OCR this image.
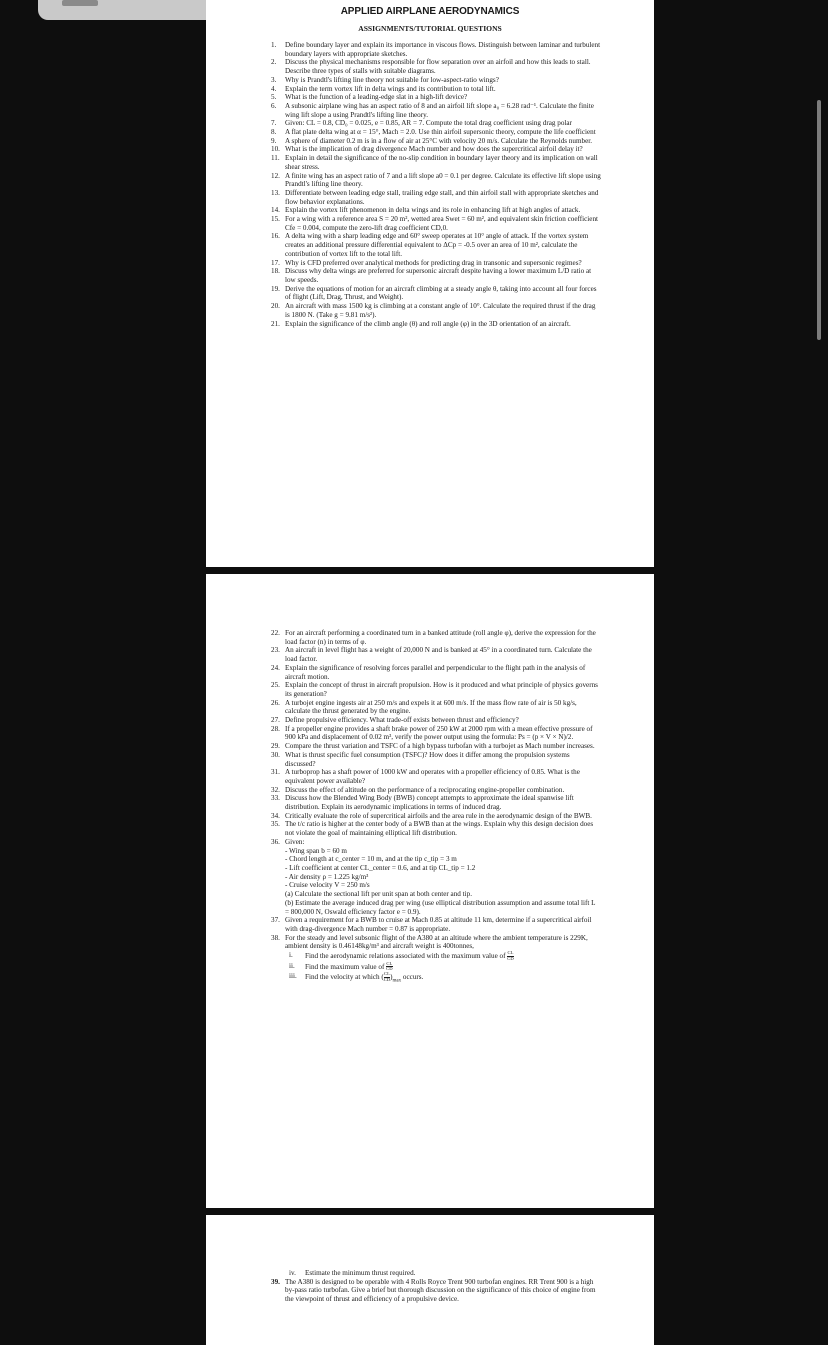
APPLIED AIRPLANE AERODYNAMICS
ASSIGNMENTS/TUTORIAL QUESTIONS
1. Define boundary layer and explain its importance in viscous flows. Distinguish between laminar and turbulent boundary layers with appropriate sketches.
2. Discuss the physical mechanisms responsible for flow separation over an airfoil and how this leads to stall. Describe three types of stalls with suitable diagrams.
3. Why is Prandtl's lifting line theory not suitable for low-aspect-ratio wings?
4. Explain the term vortex lift in delta wings and its contribution to total lift.
5. What is the function of a leading-edge slat in a high-lift device?
6. A subsonic airplane wing has an aspect ratio of 8 and an airfoil lift slope a₀ = 6.28 rad⁻¹. Calculate the finite wing lift slope a using Prandtl's lifting line theory.
7. Given: CL = 0.8, CD₀ = 0.025, e = 0.85, AR = 7. Compute the total drag coefficient using drag polar
8. A flat plate delta wing at α = 15°, Mach = 2.0. Use thin airfoil supersonic theory, compute the life coefficient
9. A sphere of diameter 0.2 m is in a flow of air at 25°C with velocity 20 m/s. Calculate the Reynolds number.
10. What is the implication of drag divergence Mach number and how does the supercritical airfoil delay it?
11. Explain in detail the significance of the no-slip condition in boundary layer theory and its implication on wall shear stress.
12. A finite wing has an aspect ratio of 7 and a lift slope a0 = 0.1 per degree. Calculate its effective lift slope using Prandtl's lifting line theory.
13. Differentiate between leading edge stall, trailing edge stall, and thin airfoil stall with appropriate sketches and flow behavior explanations.
14. Explain the vortex lift phenomenon in delta wings and its role in enhancing lift at high angles of attack.
15. For a wing with a reference area S = 20 m², wetted area Swet = 60 m², and equivalent skin friction coefficient Cfe = 0.004, compute the zero-lift drag coefficient CD,0.
16. A delta wing with a sharp leading edge and 60° sweep operates at 10° angle of attack. If the vortex system creates an additional pressure differential equivalent to ΔCp = -0.5 over an area of 10 m², calculate the contribution of vortex lift to the total lift.
17. Why is CFD preferred over analytical methods for predicting drag in transonic and supersonic regimes?
18. Discuss why delta wings are preferred for supersonic aircraft despite having a lower maximum L/D ratio at low speeds.
19. Derive the equations of motion for an aircraft climbing at a steady angle θ, taking into account all four forces of flight (Lift, Drag, Thrust, and Weight).
20. An aircraft with mass 1500 kg is climbing at a constant angle of 10°. Calculate the required thrust if the drag is 1800 N. (Take g = 9.81 m/s²).
21. Explain the significance of the climb angle (θ) and roll angle (φ) in the 3D orientation of an aircraft.
22. For an aircraft performing a coordinated turn in a banked attitude (roll angle φ), derive the expression for the load factor (n) in terms of φ.
23. An aircraft in level flight has a weight of 20,000 N and is banked at 45° in a coordinated turn. Calculate the load factor.
24. Explain the significance of resolving forces parallel and perpendicular to the flight path in the analysis of aircraft motion.
25. Explain the concept of thrust in aircraft propulsion. How is it produced and what principle of physics governs its generation?
26. A turbojet engine ingests air at 250 m/s and expels it at 600 m/s. If the mass flow rate of air is 50 kg/s, calculate the thrust generated by the engine.
27. Define propulsive efficiency. What trade-off exists between thrust and efficiency?
28. If a propeller engine provides a shaft brake power of 250 kW at 2000 rpm with a mean effective pressure of 900 kPa and displacement of 0.02 m³, verify the power output using the formula: Ps = (p × V × N)/2.
29. Compare the thrust variation and TSFC of a high bypass turbofan with a turbojet as Mach number increases.
30. What is thrust specific fuel consumption (TSFC)? How does it differ among the propulsion systems discussed?
31. A turboprop has a shaft power of 1000 kW and operates with a propeller efficiency of 0.85. What is the equivalent power available?
32. Discuss the effect of altitude on the performance of a reciprocating engine-propeller combination.
33. Discuss how the Blended Wing Body (BWB) concept attempts to approximate the ideal spanwise lift distribution. Explain its aerodynamic implications in terms of induced drag.
34. Critically evaluate the role of supercritical airfoils and the area rule in the aerodynamic design of the BWB.
35. The t/c ratio is higher at the center body of a BWB than at the wings. Explain why this design decision does not violate the goal of maintaining elliptical lift distribution.
36. Given:
- Wing span b = 60 m
- Chord length at c_center = 10 m, and at the tip c_tip = 3 m
- Lift coefficient at center CL_center = 0.6, and at tip CL_tip = 1.2
- Air density ρ = 1.225 kg/m³
- Cruise velocity V = 250 m/s
(a) Calculate the sectional lift per unit span at both center and tip.
(b) Estimate the average induced drag per wing (use elliptical distribution assumption and assume total lift L = 800,000 N, Oswald efficiency factor e = 0.9).
37. Given a requirement for a BWB to cruise at Mach 0.85 at altitude 11 km, determine if a supercritical airfoil with drag-divergence Mach number = 0.87 is appropriate.
38. For the steady and level subsonic flight of the A380 at an altitude where the ambient temperature is 229K, ambient density is 0.46148kg/m³ and aircraft weight is 400tonnes,
i. Find the aerodynamic relations associated with the maximum value of $\frac{CL}{CD}$
ii. Find the maximum value of $\frac{CL}{CD}$
iii. Find the velocity at which ( $\frac{CL}{CD} )_{max}$ occurs.
iv. Estimate the minimum thrust required.
39. The A380 is designed to be operable with 4 Rolls Royce Trent 900 turbofan engines. RR Trent 900 is a high by-pass ratio turbofan. Give a brief but thorough discussion on the significance of this choice of engine from the viewpoint of thrust and efficiency of a propulsive device.
